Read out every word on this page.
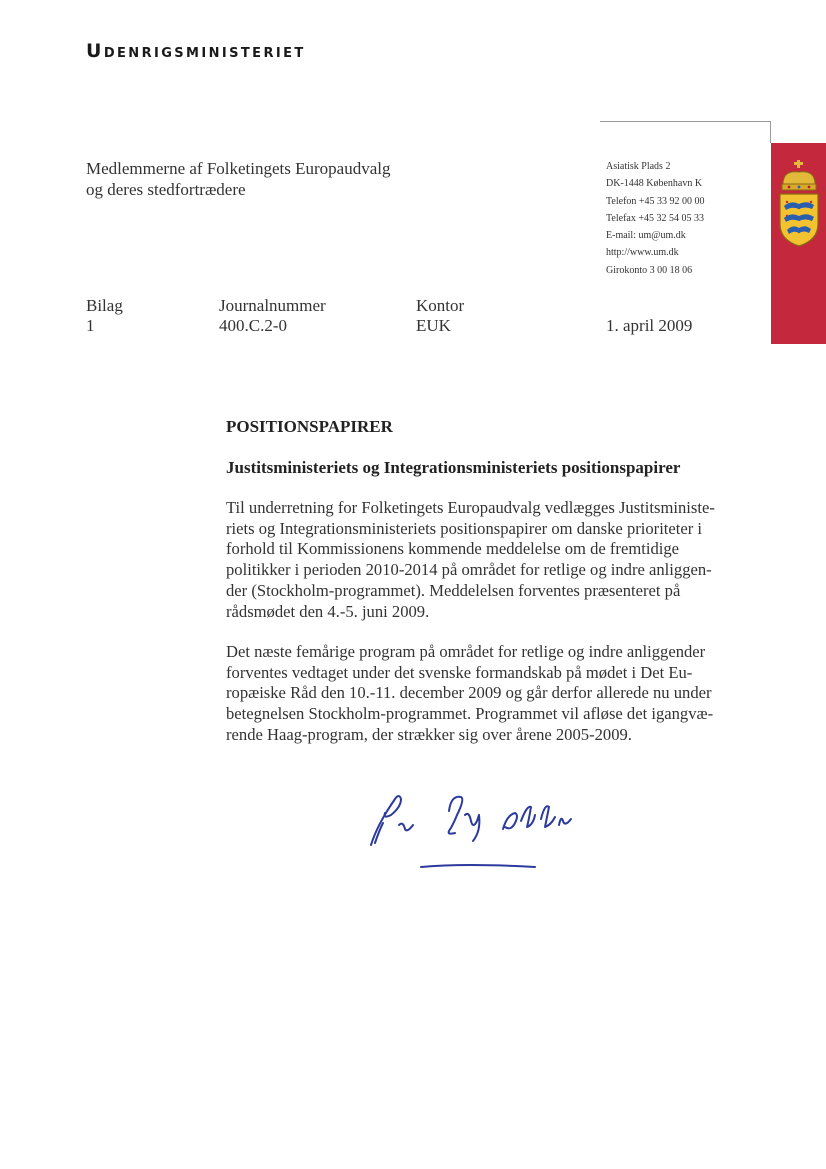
Udenrigsministeriet
Medlemmerne af Folketingets Europaudvalg
og deres stedfortrædere
Asiatisk Plads 2
DK-1448 København K
Telefon +45 33 92 00 00
Telefax +45 32 54 05 33
E-mail: um@um.dk
http://www.um.dk
Girokonto 3 00 18 06
Bilag
1
Journalnummer
400.C.2-0
Kontor
EUK	1. april 2009
POSITIONSPAPIRER
Justitsministeriets og Integrationsministeriets positionspapirer
Til underretning for Folketingets Europaudvalg vedlægges Justitsministe-
riets og Integrationsministeriets positionspapirer om danske prioriteter i
forhold til Kommissionens kommende meddelelse om de fremtidige
politikker i perioden 2010-2014 på området for retlige og indre anliggen-
der (Stockholm-programmet). Meddelelsen forventes præsenteret på
rådsmødet den 4.-5. juni 2009.
Det næste femårige program på området for retlige og indre anliggender
forventes vedtaget under det svenske formandskab på mødet i Det Eu-
ropæiske Råd den 10.-11. december 2009 og går derfor allerede nu under
betegnelsen Stockholm-programmet. Programmet vil afløse det igangvæ-
rende Haag-program, der strækker sig over årene 2005-2009.
